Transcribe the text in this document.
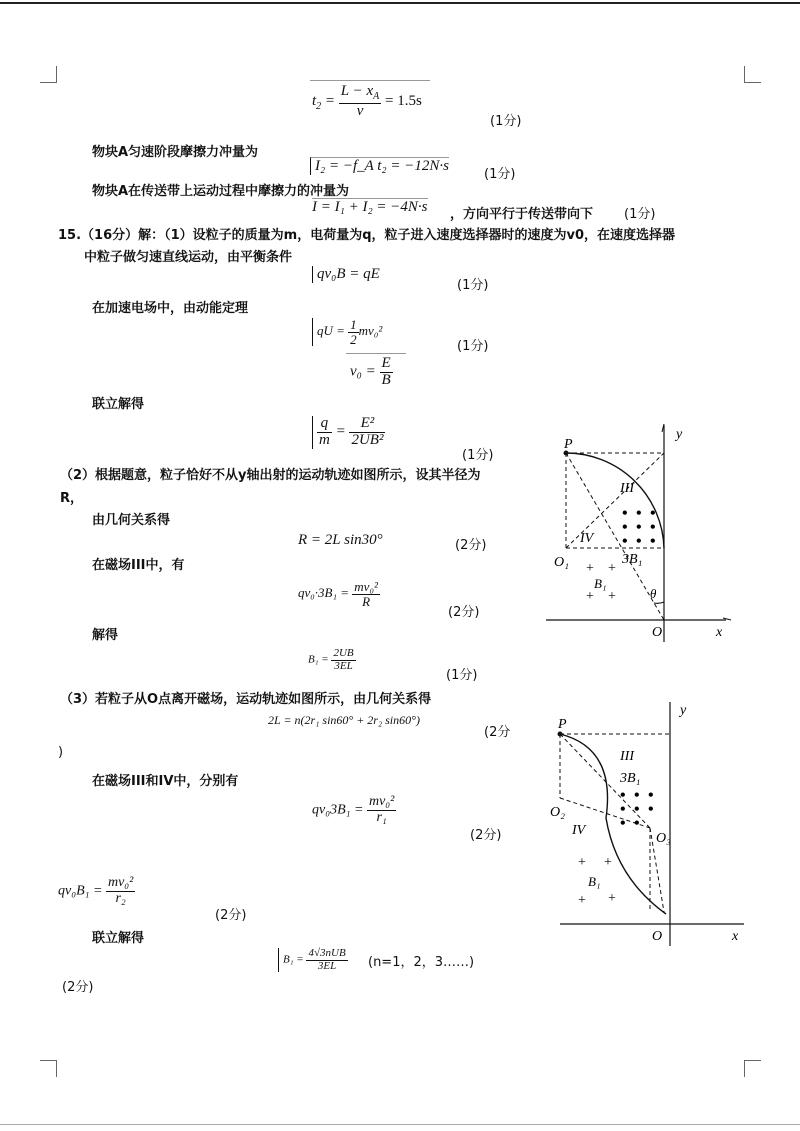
$t_2 = \frac{L - x_A}{v} = 1.5s$
(1分)
物块A匀速阶段摩擦力冲量为
I₂ = −f_A t₂ = −12N·s
(1分)
物块A在传送带上运动过程中摩擦力的冲量为
I = I₁ + I₂ = −4N·s ，方向平行于传送带向下 (1分)
15.（16分）解：（1）设粒子的质量为m，电荷量为q，粒子进入速度选择器时的速度为v0，在速度选择器
中粒子做匀速直线运动，由平衡条件
qv₀B = qE
(1分)
在加速电场中，由动能定理
qU = $\frac{1}{2} mv_0^2$
(1分)
$v_0 = \frac{E}{B}$
联立解得
$\frac{q}{m} = \frac{\text{E²}}{\text{2UB²}}$
(1分)
（2）根据题意，粒子恰好不从y轴出射的运动轨迹如图所示，设其半径为
R，
由几何关系得
R = 2L sin30°	(2分)
在磁场III中，有
$qv_0\cdot 3B_1 = \frac{\text{mv₀²}}{R}$
(2分)
解得
$B_1 = \frac{2UB}{3EL}$
(1分)
（3）若粒子从O点离开磁场，运动轨迹如图所示，由几何关系得
2L = n(2r₁ sin60° + 2r₂ sin60°)
(2分
)
在磁场III和IV中，分别有
$qv_03B_1 = \frac{\text{mv₀²}}{\text{r₁}}$
(2分)
$qv_0B_1 = \frac{\text{mv₀²}}{\text{r₂}}$
(2分)
联立解得
$B_1 = \frac{\text{4√3nUB}}{3EL} (n=1$，2，3……)
(2分)
y
x
O
P
III
IV
3B₁
O₁
B₁
θ
• • •
• • •
• • •
+ +
+ +
y
x
O
P
III
3B₁
IV
O₂
O₃
B₁
• • •
• • •
• •
+ +
+ +
